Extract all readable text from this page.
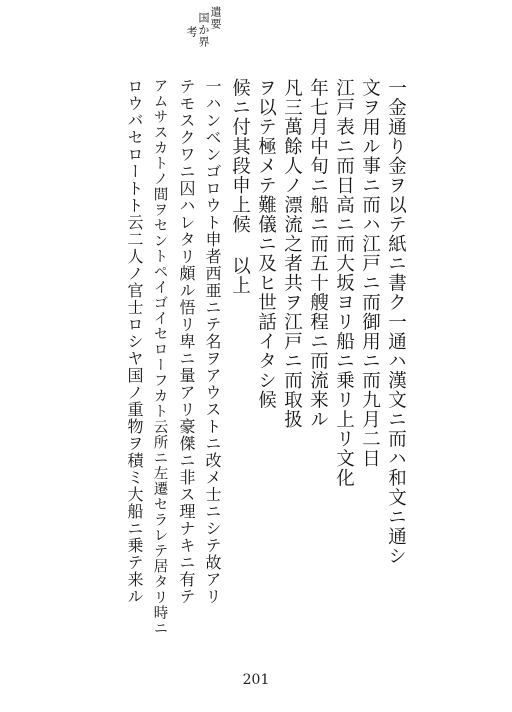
遣要
国か界
考
一金通り金ヲ以テ紙ニ書ク一通ハ漢文ニ而ハ和文ニ通シ
文ヲ用ル事ニ而ハ江戸ニ而御用ニ而九月二日
江戸表ニ而日高ニ而大坂ヨリ船ニ乗リ上リ文化
年七月中旬ニ船ニ而五十艘程ニ而流来ル
凡三萬餘人ノ漂流之者共ヲ江戸ニ而取扱
ヲ以テ極メテ難儀ニ及ヒ世話イタシ候
候ニ付其段申上候 以上
一ハンベンゴロウト申者西亜ニテ名ヲアウストニ改メ士ニシテ故アリ
テモスクワニ囚ハレタリ頗ル悟リ卑ニ量アリ豪傑ニ非ス理ナキニ有テ
アムサスカトノ間ヲセントペイゴイセローフカト云所ニ左遷セラレテ居タリ時ニ
ロウバセロートト云二人ノ官士ロシヤ国ノ重物ヲ積ミ大船ニ乗テ来ル
201
